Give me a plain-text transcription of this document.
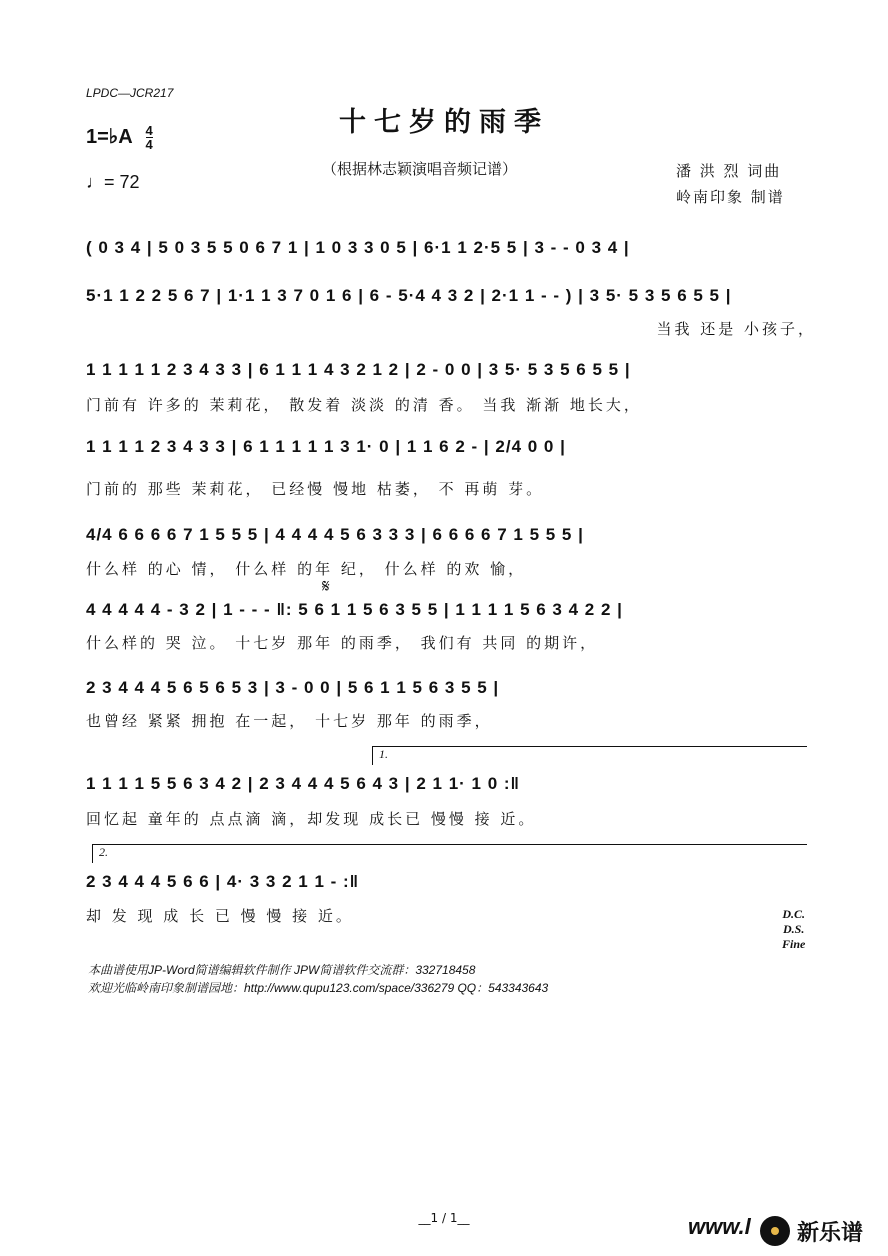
LPDC—JCR217
十七岁的雨季
1=♭A $\frac{4}{4}$
♩= 72
（根据林志颖演唱音频记谱）	潘 洪 烈 词曲
岭南印象 制谱
( 0 3 4 | 5 0 3 5 5 0 6 7 1 | 1 0 3 3 0 5 | 6·1 1 2·5 5 | 3 - - 0 3 4 |
5·1 1 2 2 5 6 7 | 1·1 1 3 7 0 1 6 | 6 - 5·4 4 3 2 | 2·1 1 - - ) | 3 5· 5 3 5 6 5 5 |
当我 还是 小孩子，
1 1 1 1 1 2 3 4 3 3 | 6 1 1 1 4 3 2 1 2 | 2 - 0 0 | 3 5· 5 3 5 6 5 5 |
门前有 许多的 茉莉花， 散发着 淡淡 的清 香。 当我 渐渐 地长大，
1 1 1 1 2 3 4 3 3 | 6 1 1 1 1 1 3 1· 0 | 1 1 6 2 - | 2/4 0 0 |
门前的 那些 茉莉花， 已经慢 慢地 枯萎， 不 再萌 芽。
4/4 6 6 6 6 7 1 5 5 5 | 4 4 4 4 5 6 3 3 3 | 6 6 6 6 7 1 5 5 5 |
什么样 的心 情， 什么样 的年 纪， 什么样 的欢 愉，
𝄋
4 4 4 4 4 - 3 2 | 1 - - - ‖: 5 6 1 1 5 6 3 5 5 | 1 1 1 1 5 6 3 4 2 2 |
什么样的 哭 泣。 十七岁 那年 的雨季， 我们有 共同 的期许，
2 3 4 4 4 5 6 5 6 5 3 | 3 - 0 0 | 5 6 1 1 5 6 3 5 5 |
也曾经 紧紧 拥抱 在一起， 十七岁 那年 的雨季，
1.
1 1 1 1 5 5 6 3 4 2 | 2 3 4 4 4 5 6 4 3 | 2 1 1· 1 0 :‖
回忆起 童年的 点点滴 滴，却发现 成长已 慢慢 接 近。
2.
2 3 4 4 4 5 6 6 | 4· 3 3 2 1 1 - :‖
却 发 现 成 长 已 慢 慢 接 近。	D.C.
D.S.
Fine
本曲谱使用JP-Word简谱编辑软件制作 JPW简谱软件交流群：332718458
欢迎光临岭南印象制谱园地：http://www.qupu123.com/space/336279 QQ：543343643
__1 / 1__	www.l 新乐谱
